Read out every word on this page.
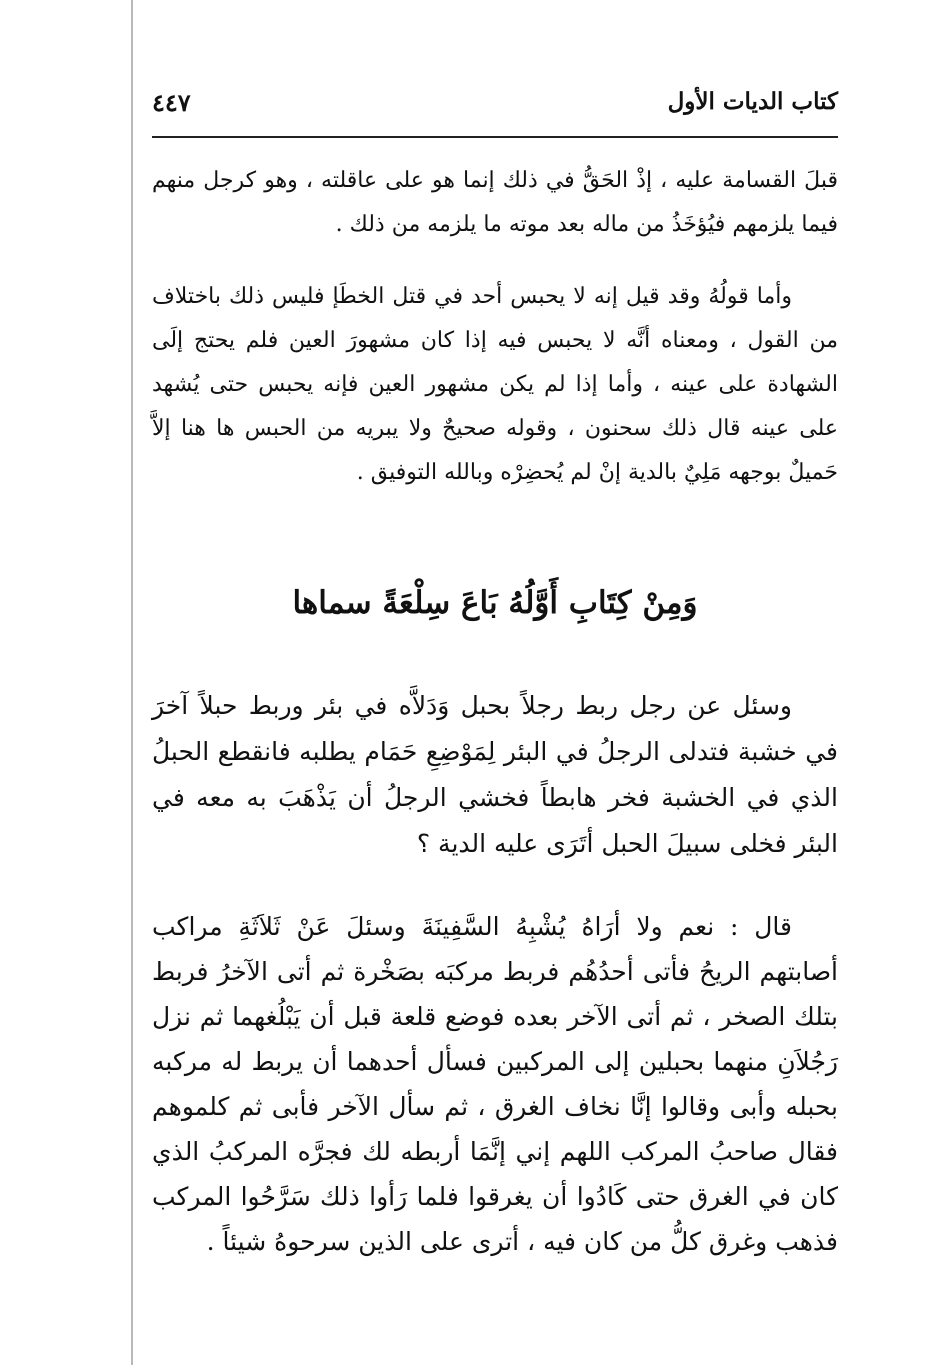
كتاب الديات الأول
٤٤٧

قبلَ القسامة عليه ، إذْ الحَقُّ في ذلك إنما هو على عاقلته ، وهو كرجل منهم فيما يلزمهم فيُؤخَذُ من ماله بعد موته ما يلزمه من ذلك .

وأما قولُهُ وقد قيل إنه لا يحبس أحد في قتل الخطَإ فليس ذلك باختلاف من القول ، ومعناه أنَّه لا يحبس فيه إذا كان مشهورَ العين فلم يحتج إلَى الشهادة على عينه ، وأما إذا لم يكن مشهور العين فإنه يحبس حتى يُشهد على عينه قال ذلك سحنون ، وقوله صحيحٌ ولا يبريه من الحبس ها هنا إلاَّ حَميلٌ بوجهه مَلِيٌ بالدية إنْ لم يُحضِرْه وبالله التوفيق .

وَمِنْ كِتَابِ أَوَّلُهُ بَاعَ سِلْعَةً سماها

وسئل عن رجل ربط رجلاً بحبل وَدَلاَّه في بئر وربط حبلاً آخرَ في خشبة فتدلى الرجلُ في البئر لِمَوْضِعِ حَمَام يطلبه فانقطع الحبلُ الذي في الخشبة فخر هابطاً فخشي الرجلُ أن يَذْهَبَ به معه في البئر فخلى سبيلَ الحبل أتَرَى عليه الدية ؟

قال : نعم ولا أرَاهُ يُشْبِهُ السَّفِينَةَ وسئلَ عَنْ ثَلاَثَةِ مراكب أصابتهم الريحُ فأتى أحدُهُم فربط مركبَه بصَخْرة ثم أتى الآخرُ فربط بتلك الصخر ، ثم أتى الآخر بعده فوضع قلعة قبل أن يَبْلُغهما ثم نزل رَجُلاَنِ منهما بحبلين إلى المركبين فسأل أحدهما أن يربط له مركبه بحبله وأبى وقالوا إنَّا نخاف الغرق ، ثم سأل الآخر فأبى ثم كلموهم فقال صاحبُ المركب اللهم إني إنَّمَا أربطه لك فجرَّه المركبُ الذي كان في الغرق حتى كَادُوا أن يغرقوا فلما رَأوا ذلك سَرَّحُوا المركب فذهب وغرق كلُّ من كان فيه ، أترى على الذين سرحوهُ شيئاً .
